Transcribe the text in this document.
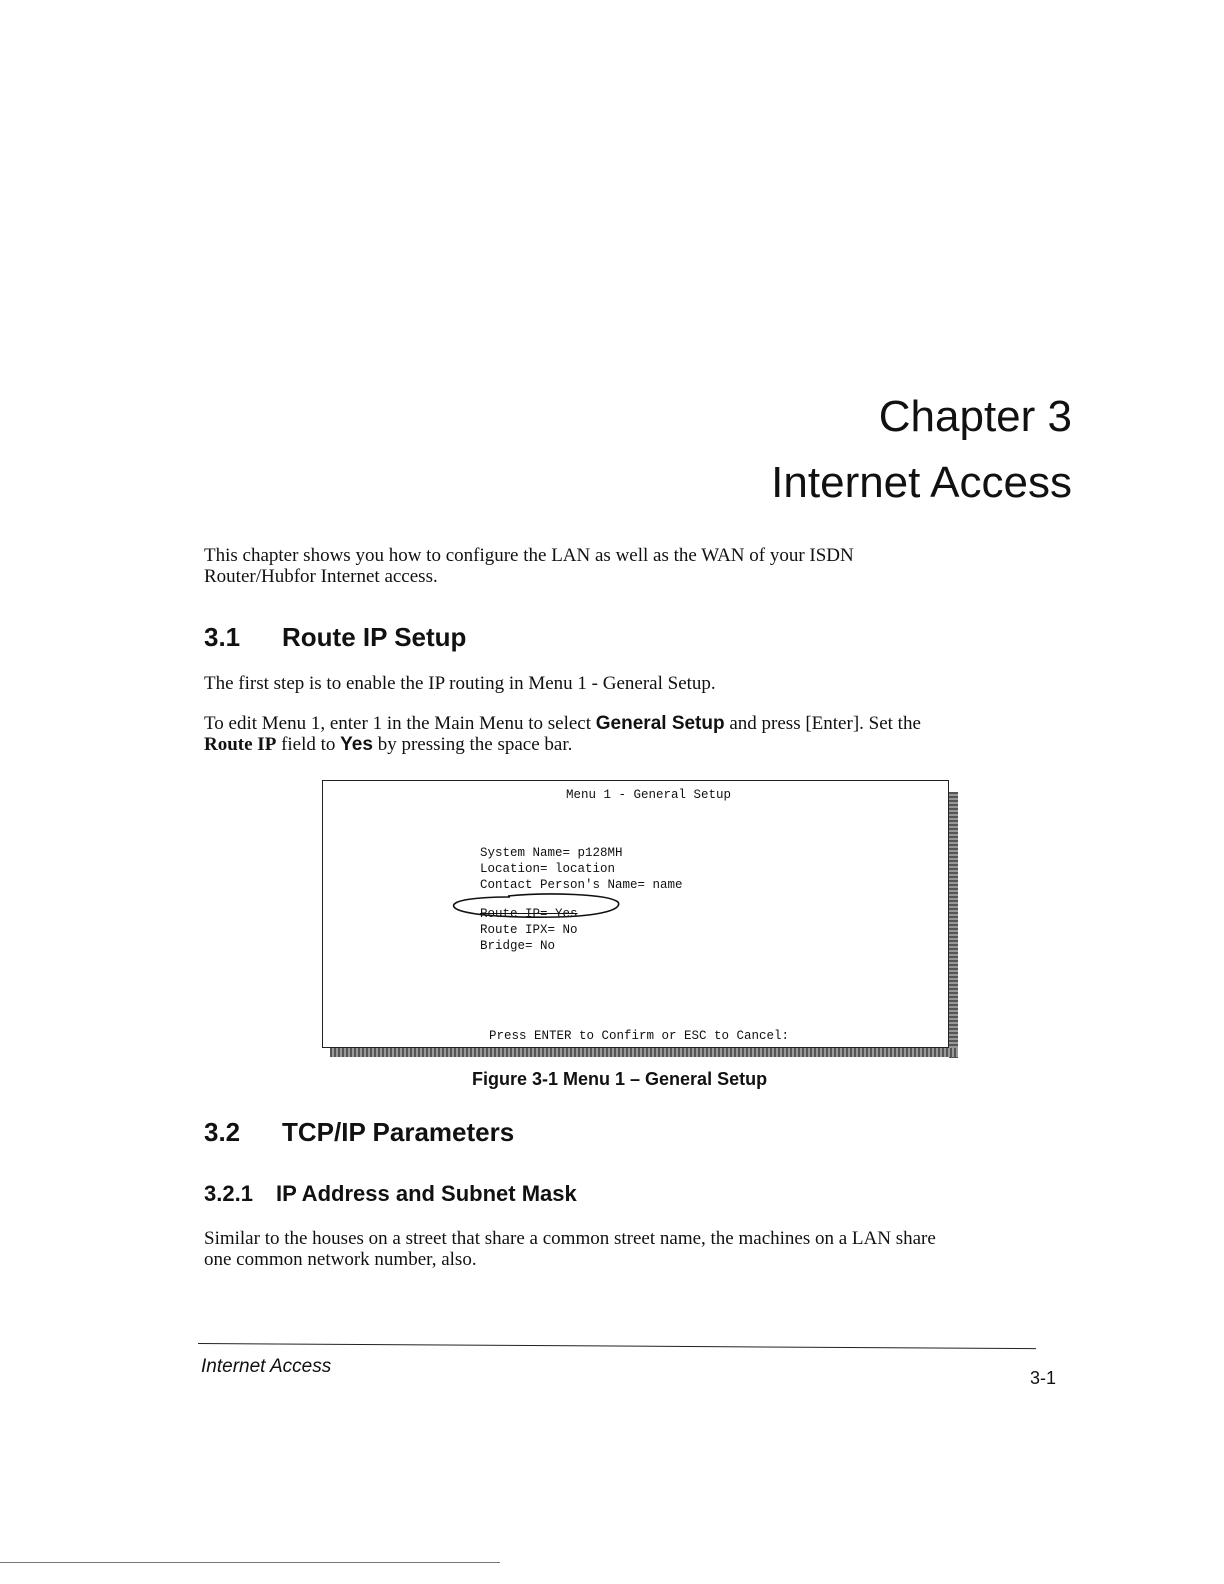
Chapter 3
Internet Access
This chapter shows you how to configure the LAN as well as the WAN of your ISDN
Router/Hubfor Internet access.
3.1 Route IP Setup
The first step is to enable the IP routing in Menu 1 - General Setup.
To edit Menu 1, enter 1 in the Main Menu to select General Setup and press [Enter]. Set the
Route IP field to Yes by pressing the space bar.
Menu 1 - General Setup
System Name= p128MH
Location= location
Contact Person's Name= name
Route IP= Yes
Route IPX= No
Bridge= No
Press ENTER to Confirm or ESC to Cancel:
Figure 3-1 Menu 1 – General Setup
3.2 TCP/IP Parameters
3.2.1 IP Address and Subnet Mask
Similar to the houses on a street that share a common street name, the machines on a LAN share
one common network number, also.
Internet Access
3-1
